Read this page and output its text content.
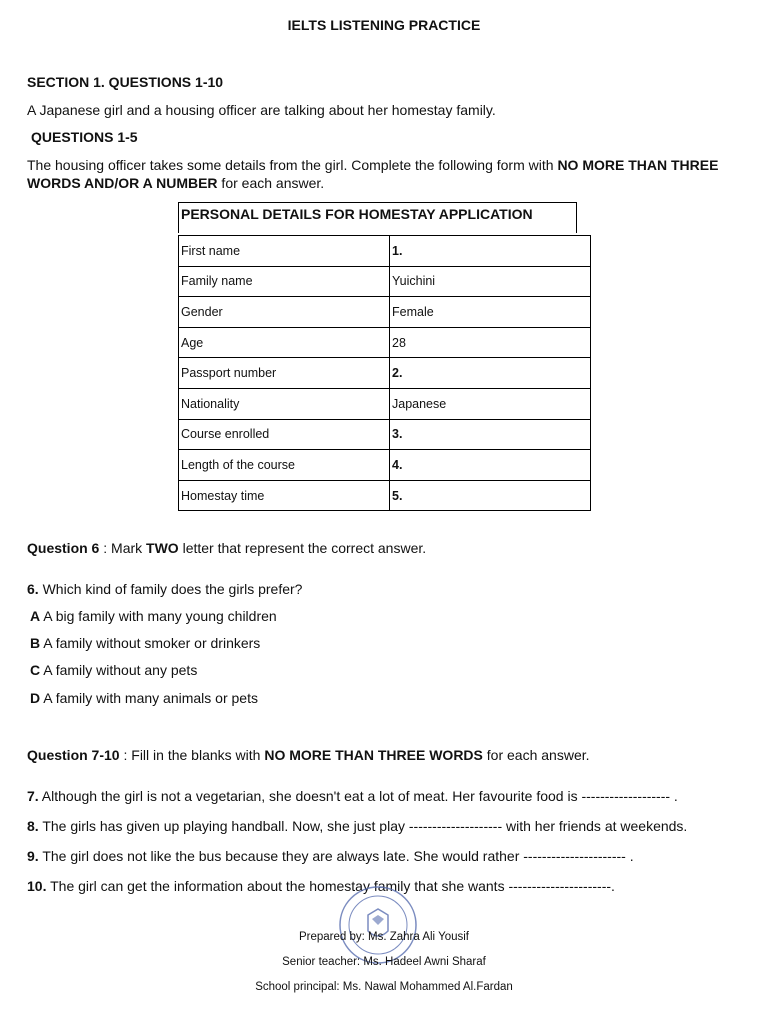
IELTS LISTENING PRACTICE
SECTION 1. QUESTIONS 1-10
A Japanese girl and a housing officer are talking about her homestay family.
QUESTIONS 1-5
The housing officer takes some details from the girl. Complete the following form with NO MORE THAN THREE WORDS AND/OR A NUMBER for each answer.
PERSONAL DETAILS FOR HOMESTAY APPLICATION
First name	1.
Family name	Yuichini
Gender	Female
Age	28
Passport number	2.
Nationality	Japanese
Course enrolled	3.
Length of the course	4.
Homestay time	5.
Question 6 : Mark TWO letter that represent the correct answer.
6. Which kind of family does the girls prefer?
A A big family with many young children
B A family without smoker or drinkers
C A family without any pets
D A family with many animals or pets
Question 7-10 : Fill in the blanks with NO MORE THAN THREE WORDS for each answer.
7. Although the girl is not a vegetarian, she doesn't eat a lot of meat. Her favourite food is ------------------- .
8. The girls has given up playing handball. Now, she just play -------------------- with her friends at weekends.
9. The girl does not like the bus because they are always late. She would rather ---------------------- .
10. The girl can get the information about the homestay family that she wants ----------------------.
Prepared by: Ms. Zahra Ali Yousif
Senior teacher: Ms. Hadeel Awni Sharaf
School principal: Ms. Nawal Mohammed Al.Fardan
